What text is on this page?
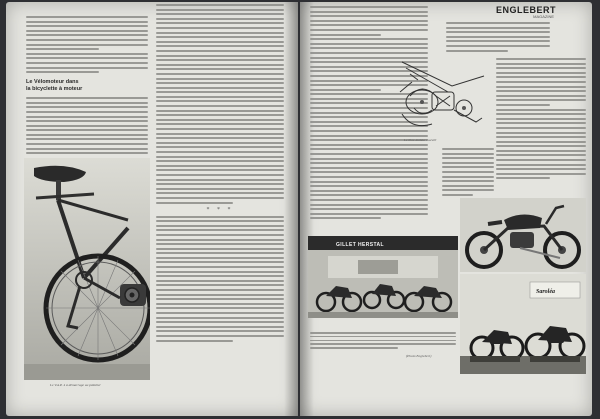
Le Vélomoteur dans
la bicyclette à moteur
* * *
Le V.A.P. 4 à démarrage au pédalier
ENGLEBERT
MAGAZINE
Le bloc-moteur Garelli
GILLET HERSTAL
Saroléa
(Photo Englebert)
